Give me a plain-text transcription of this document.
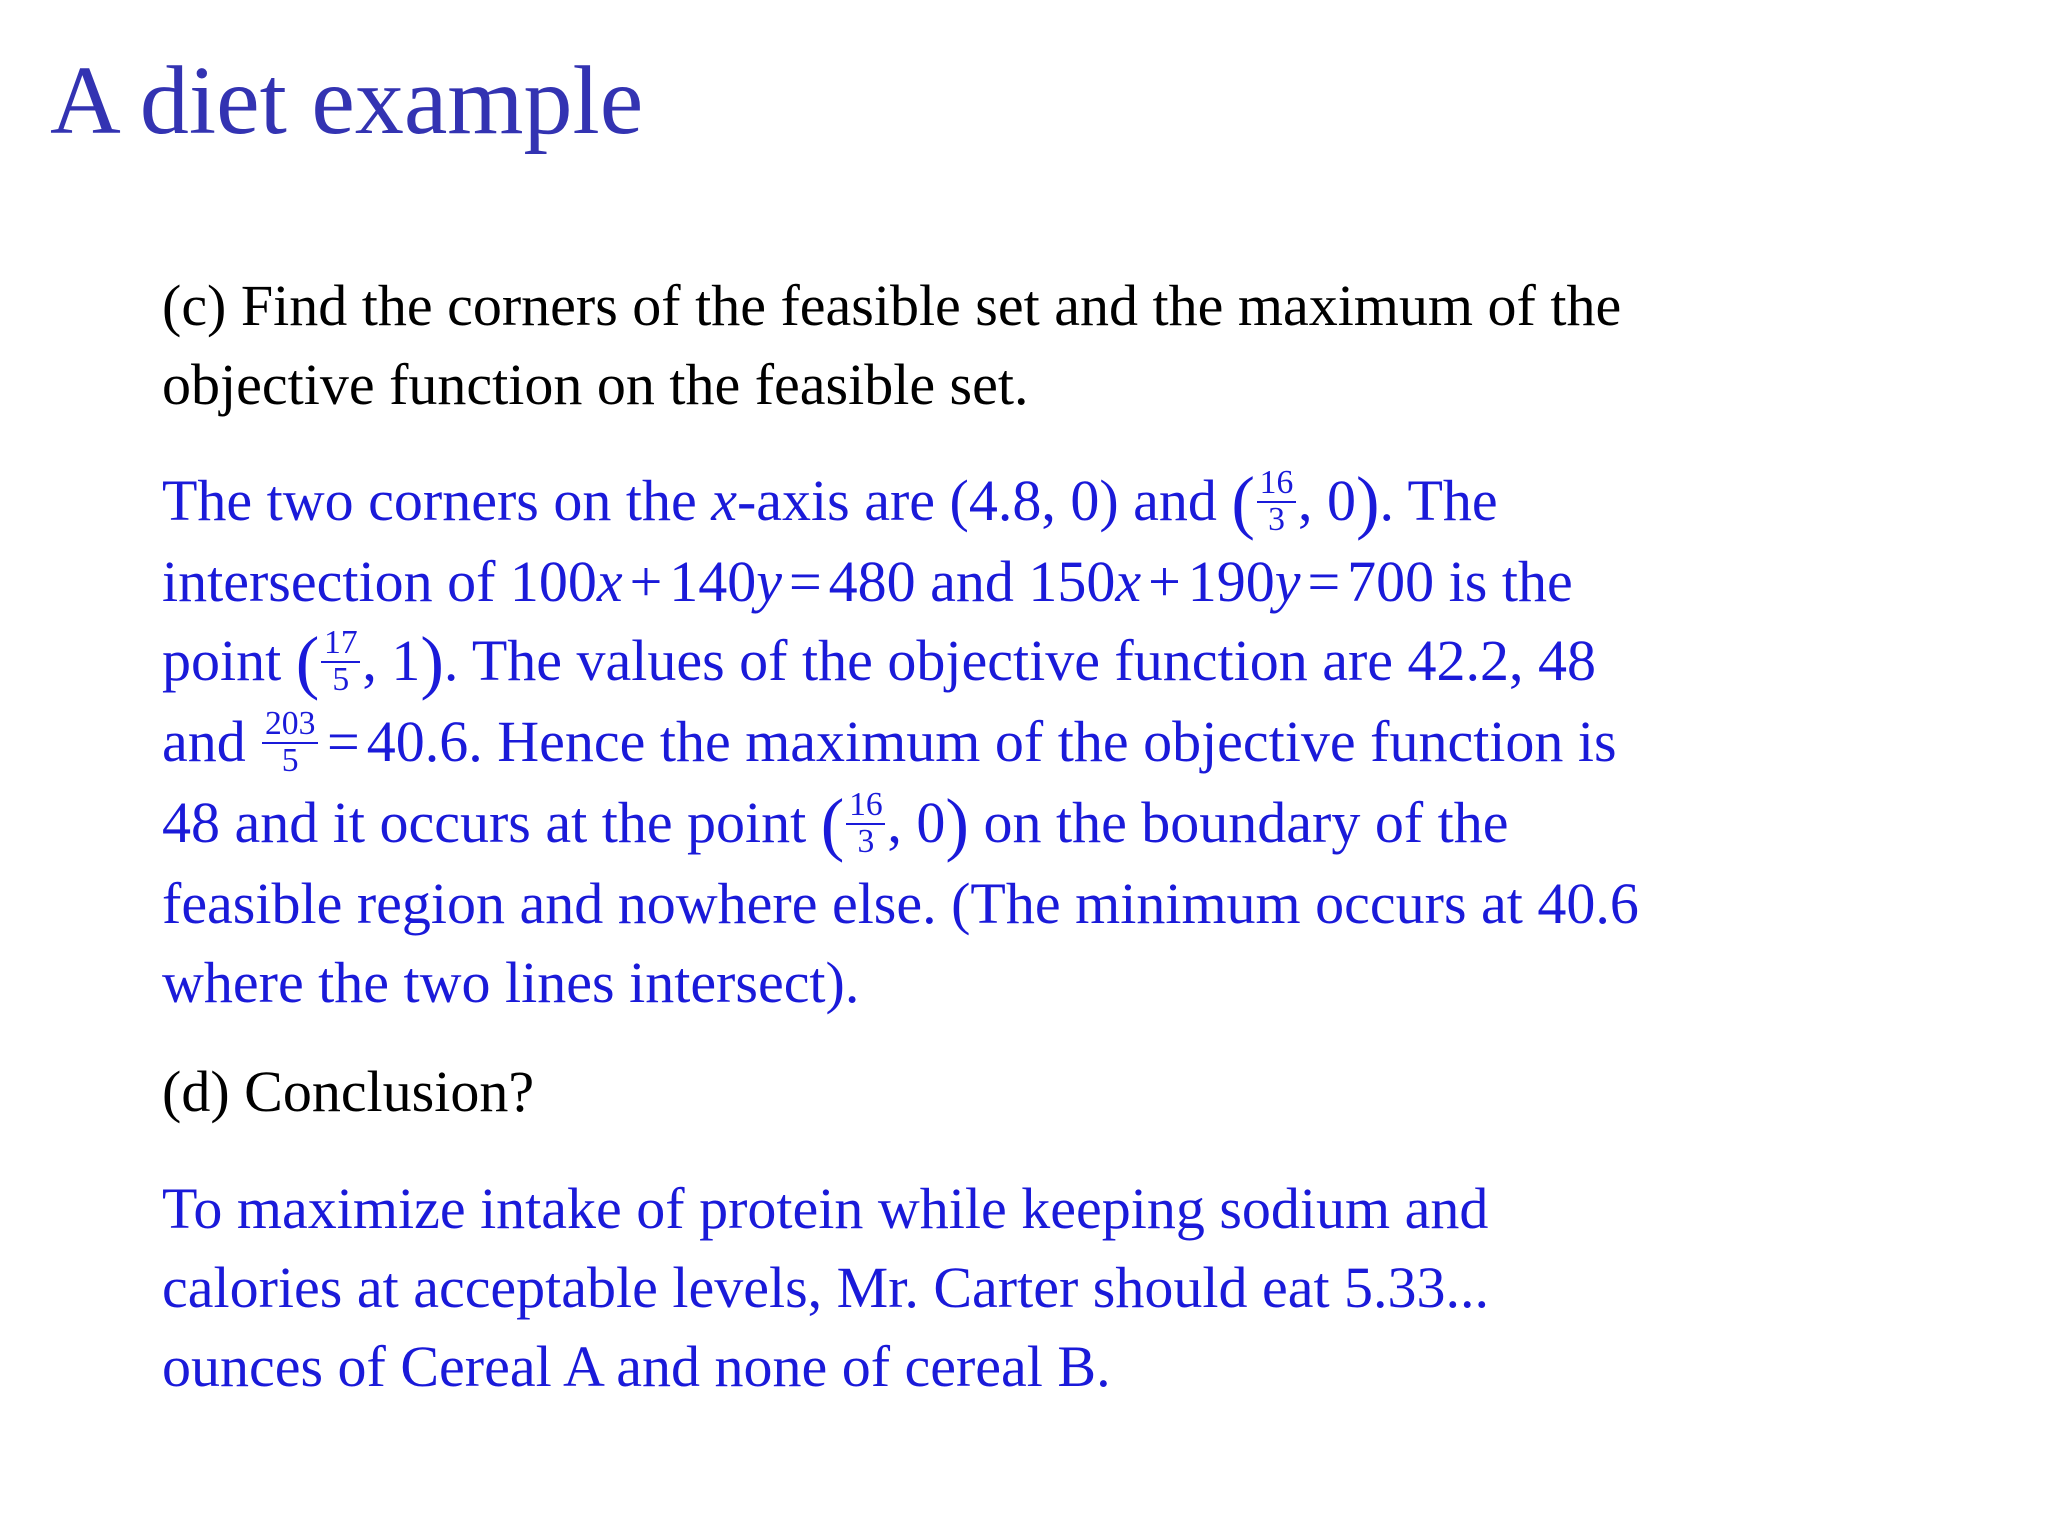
A diet example

(c) Find the corners of the feasible set and the maximum of the
objective function on the feasible set.

The two corners on the x-axis are (4.8, 0) and ( $\frac{16}{3}$ , 0). The
intersection of 100x + 140y = 480 and 150x + 190y = 700 is the
point ( $\frac{17}{5}$ , 1). The values of the objective function are 42.2, 48
and $\frac{203}{5} = 40.6$. Hence the maximum of the objective function is
48 and it occurs at the point ( $\frac{16}{3}$ , 0) on the boundary of the
feasible region and nowhere else. (The minimum occurs at 40.6
where the two lines intersect).

(d) Conclusion?

To maximize intake of protein while keeping sodium and
calories at acceptable levels, Mr. Carter should eat 5.33...
ounces of Cereal A and none of cereal B.
